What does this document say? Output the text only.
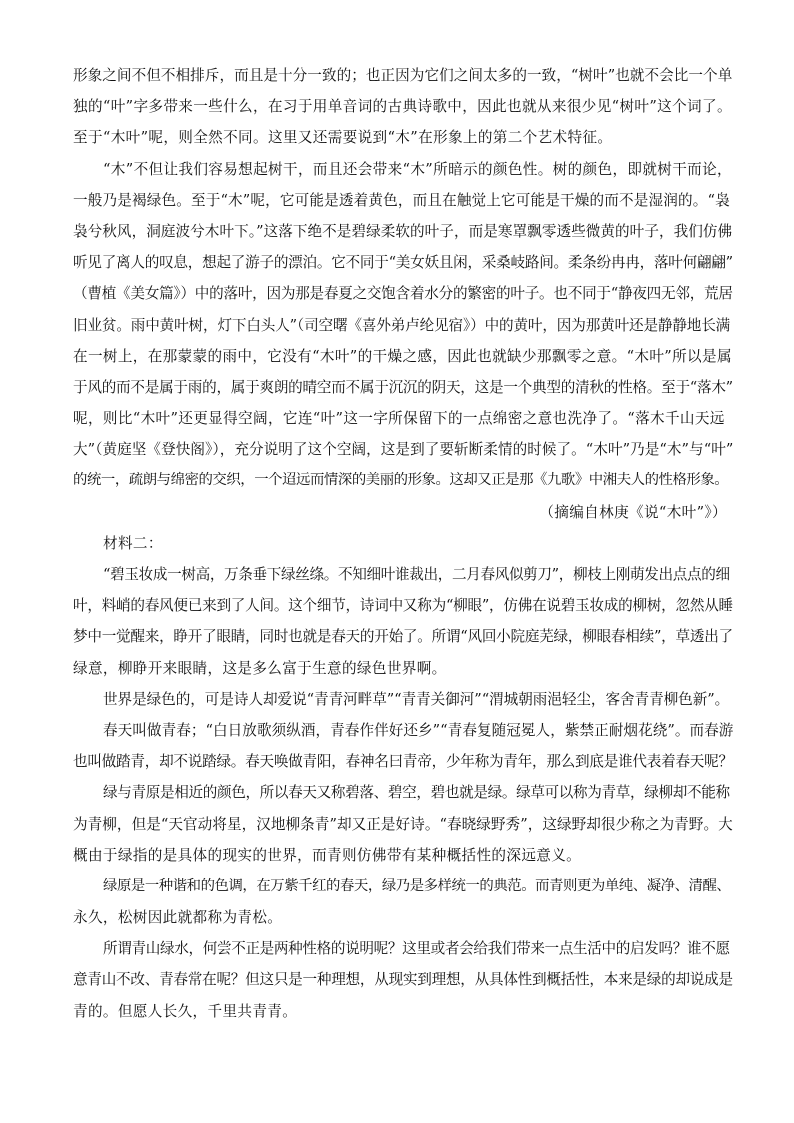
形象之间不但不相排斥，而且是十分一致的；也正因为它们之间太多的一致，“树叶”也就不会比一个单
独的“叶”字多带来一些什么，在习于用单音词的古典诗歌中，因此也就从来很少见“树叶”这个词了。
至于“木叶”呢，则全然不同。这里又还需要说到“木”在形象上的第二个艺术特征。
“木”不但让我们容易想起树干，而且还会带来“木”所暗示的颜色性。树的颜色，即就树干而论，
一般乃是褐绿色。至于“木”呢，它可能是透着黄色，而且在触觉上它可能是干燥的而不是湿润的。“袅
袅兮秋风，洞庭波兮木叶下。”这落下绝不是碧绿柔软的叶子，而是寒罩飘零透些微黄的叶子，我们仿佛
听见了离人的叹息，想起了游子的漂泊。它不同于“美女妖且闲，采桑岐路间。柔条纷冉冉，落叶何翩翩”
（曹植《美女篇》）中的落叶，因为那是春夏之交饱含着水分的繁密的叶子。也不同于“静夜四无邻，荒居
旧业贫。雨中黄叶树，灯下白头人”（司空曙《喜外弟卢纶见宿》）中的黄叶，因为那黄叶还是静静地长满
在一树上，在那蒙蒙的雨中，它没有“木叶”的干燥之感，因此也就缺少那飘零之意。“木叶”所以是属
于风的而不是属于雨的，属于爽朗的晴空而不属于沉沉的阴天，这是一个典型的清秋的性格。至于“落木”
呢，则比“木叶”还更显得空阔，它连“叶”这一字所保留下的一点绵密之意也洗净了。“落木千山天远
大”（黄庭坚《登快阁》），充分说明了这个空阔，这是到了要斩断柔情的时候了。“木叶”乃是“木”与“叶”
的统一，疏朗与绵密的交织，一个迢远而情深的美丽的形象。这却又正是那《九歌》中湘夫人的性格形象。
（摘编自林庚《说“木叶”》）
材料二：
“碧玉妆成一树高，万条垂下绿丝绦。不知细叶谁裁出，二月春风似剪刀”，柳枝上刚萌发出点点的细
叶，料峭的春风便已来到了人间。这个细节，诗词中又称为“柳眼”，仿佛在说碧玉妆成的柳树，忽然从睡
梦中一觉醒来，睁开了眼睛，同时也就是春天的开始了。所谓“风回小院庭芜绿，柳眼春相续”，草透出了
绿意，柳睁开来眼睛，这是多么富于生意的绿色世界啊。
世界是绿色的，可是诗人却爱说“青青河畔草”“青青关御河”“渭城朝雨浥轻尘，客舍青青柳色新”。
春天叫做青春；“白日放歌须纵酒，青春作伴好还乡”“青春复随冠冕人，紫禁正耐烟花绕”。而春游
也叫做踏青，却不说踏绿。春天唤做青阳，春神名曰青帝，少年称为青年，那么到底是谁代表着春天呢？
绿与青原是相近的颜色，所以春天又称碧落、碧空，碧也就是绿。绿草可以称为青草，绿柳却不能称
为青柳，但是“天官动将星，汉地柳条青”却又正是好诗。“春晓绿野秀”，这绿野却很少称之为青野。大
概由于绿指的是具体的现实的世界，而青则仿佛带有某种概括性的深远意义。
绿原是一种谐和的色调，在万紫千红的春天，绿乃是多样统一的典范。而青则更为单纯、凝净、清醒、
永久，松树因此就都称为青松。
所谓青山绿水，何尝不正是两种性格的说明呢？这里或者会给我们带来一点生活中的启发吗？谁不愿
意青山不改、青春常在呢？但这只是一种理想，从现实到理想，从具体性到概括性，本来是绿的却说成是
青的。但愿人长久，千里共青青。
